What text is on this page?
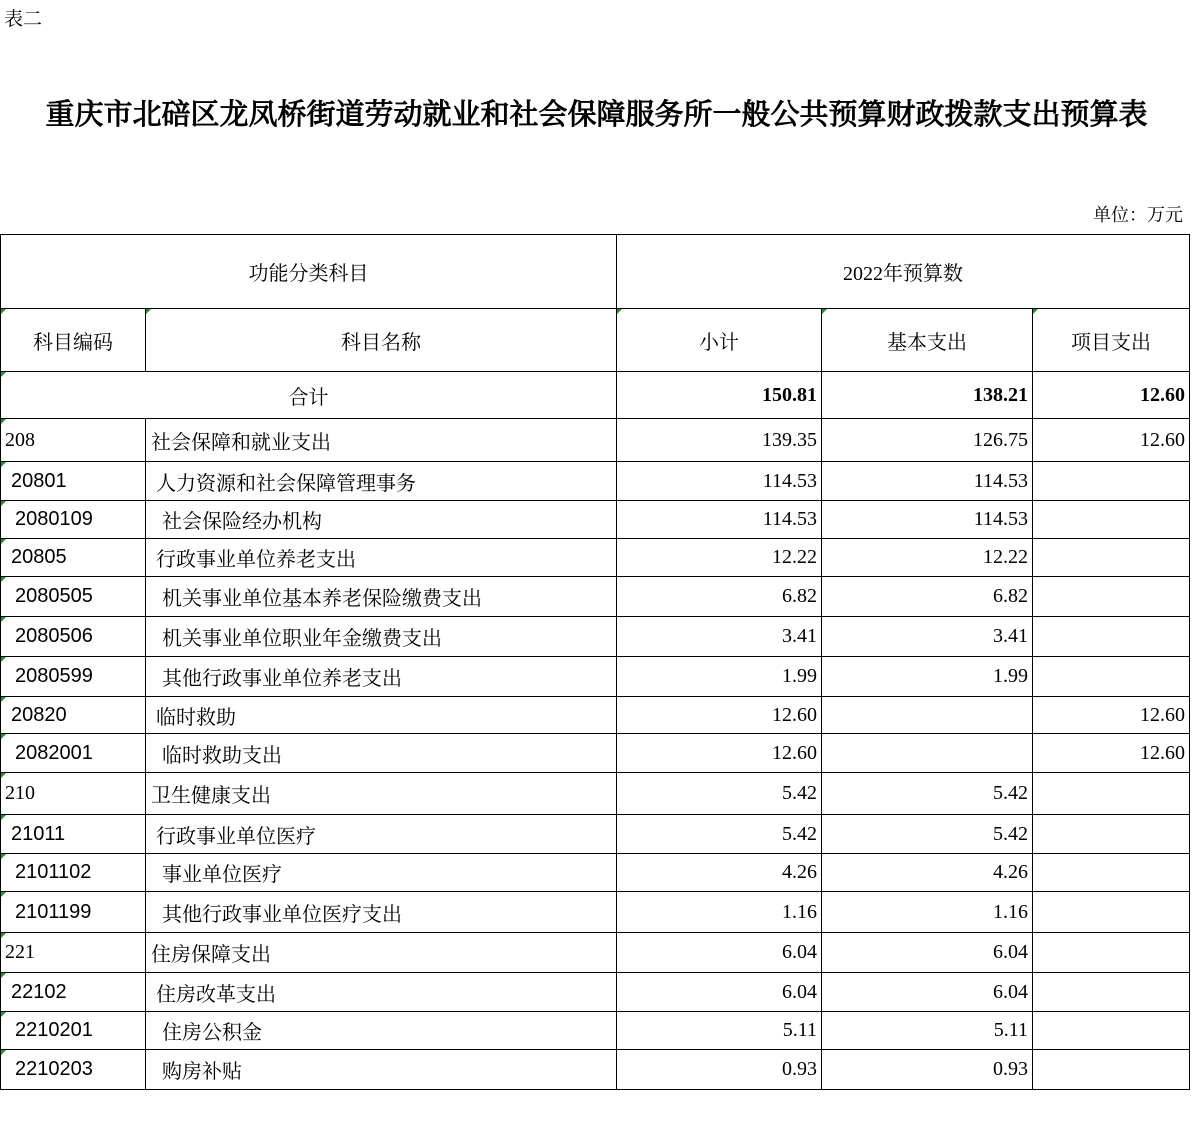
表二
重庆市北碚区龙凤桥街道劳动就业和社会保障服务所一般公共预算财政拨款支出预算表
单位：万元
功能分类科目		2022年预算数		
科目编码	科目名称	小计	基本支出	项目支出
合计		150.81	138.21	12.60
208	社会保障和就业支出	139.35	126.75	12.60
20801	人力资源和社会保障管理事务	114.53	114.53	
2080109	社会保险经办机构	114.53	114.53	
20805	行政事业单位养老支出	12.22	12.22	
2080505	机关事业单位基本养老保险缴费支出	6.82	6.82	
2080506	机关事业单位职业年金缴费支出	3.41	3.41	
2080599	其他行政事业单位养老支出	1.99	1.99	
20820	临时救助	12.60		12.60
2082001	临时救助支出	12.60		12.60
210	卫生健康支出	5.42	5.42	
21011	行政事业单位医疗	5.42	5.42	
2101102	事业单位医疗	4.26	4.26	
2101199	其他行政事业单位医疗支出	1.16	1.16	
221	住房保障支出	6.04	6.04	
22102	住房改革支出	6.04	6.04	
2210201	住房公积金	5.11	5.11	
2210203	购房补贴	0.93	0.93	
